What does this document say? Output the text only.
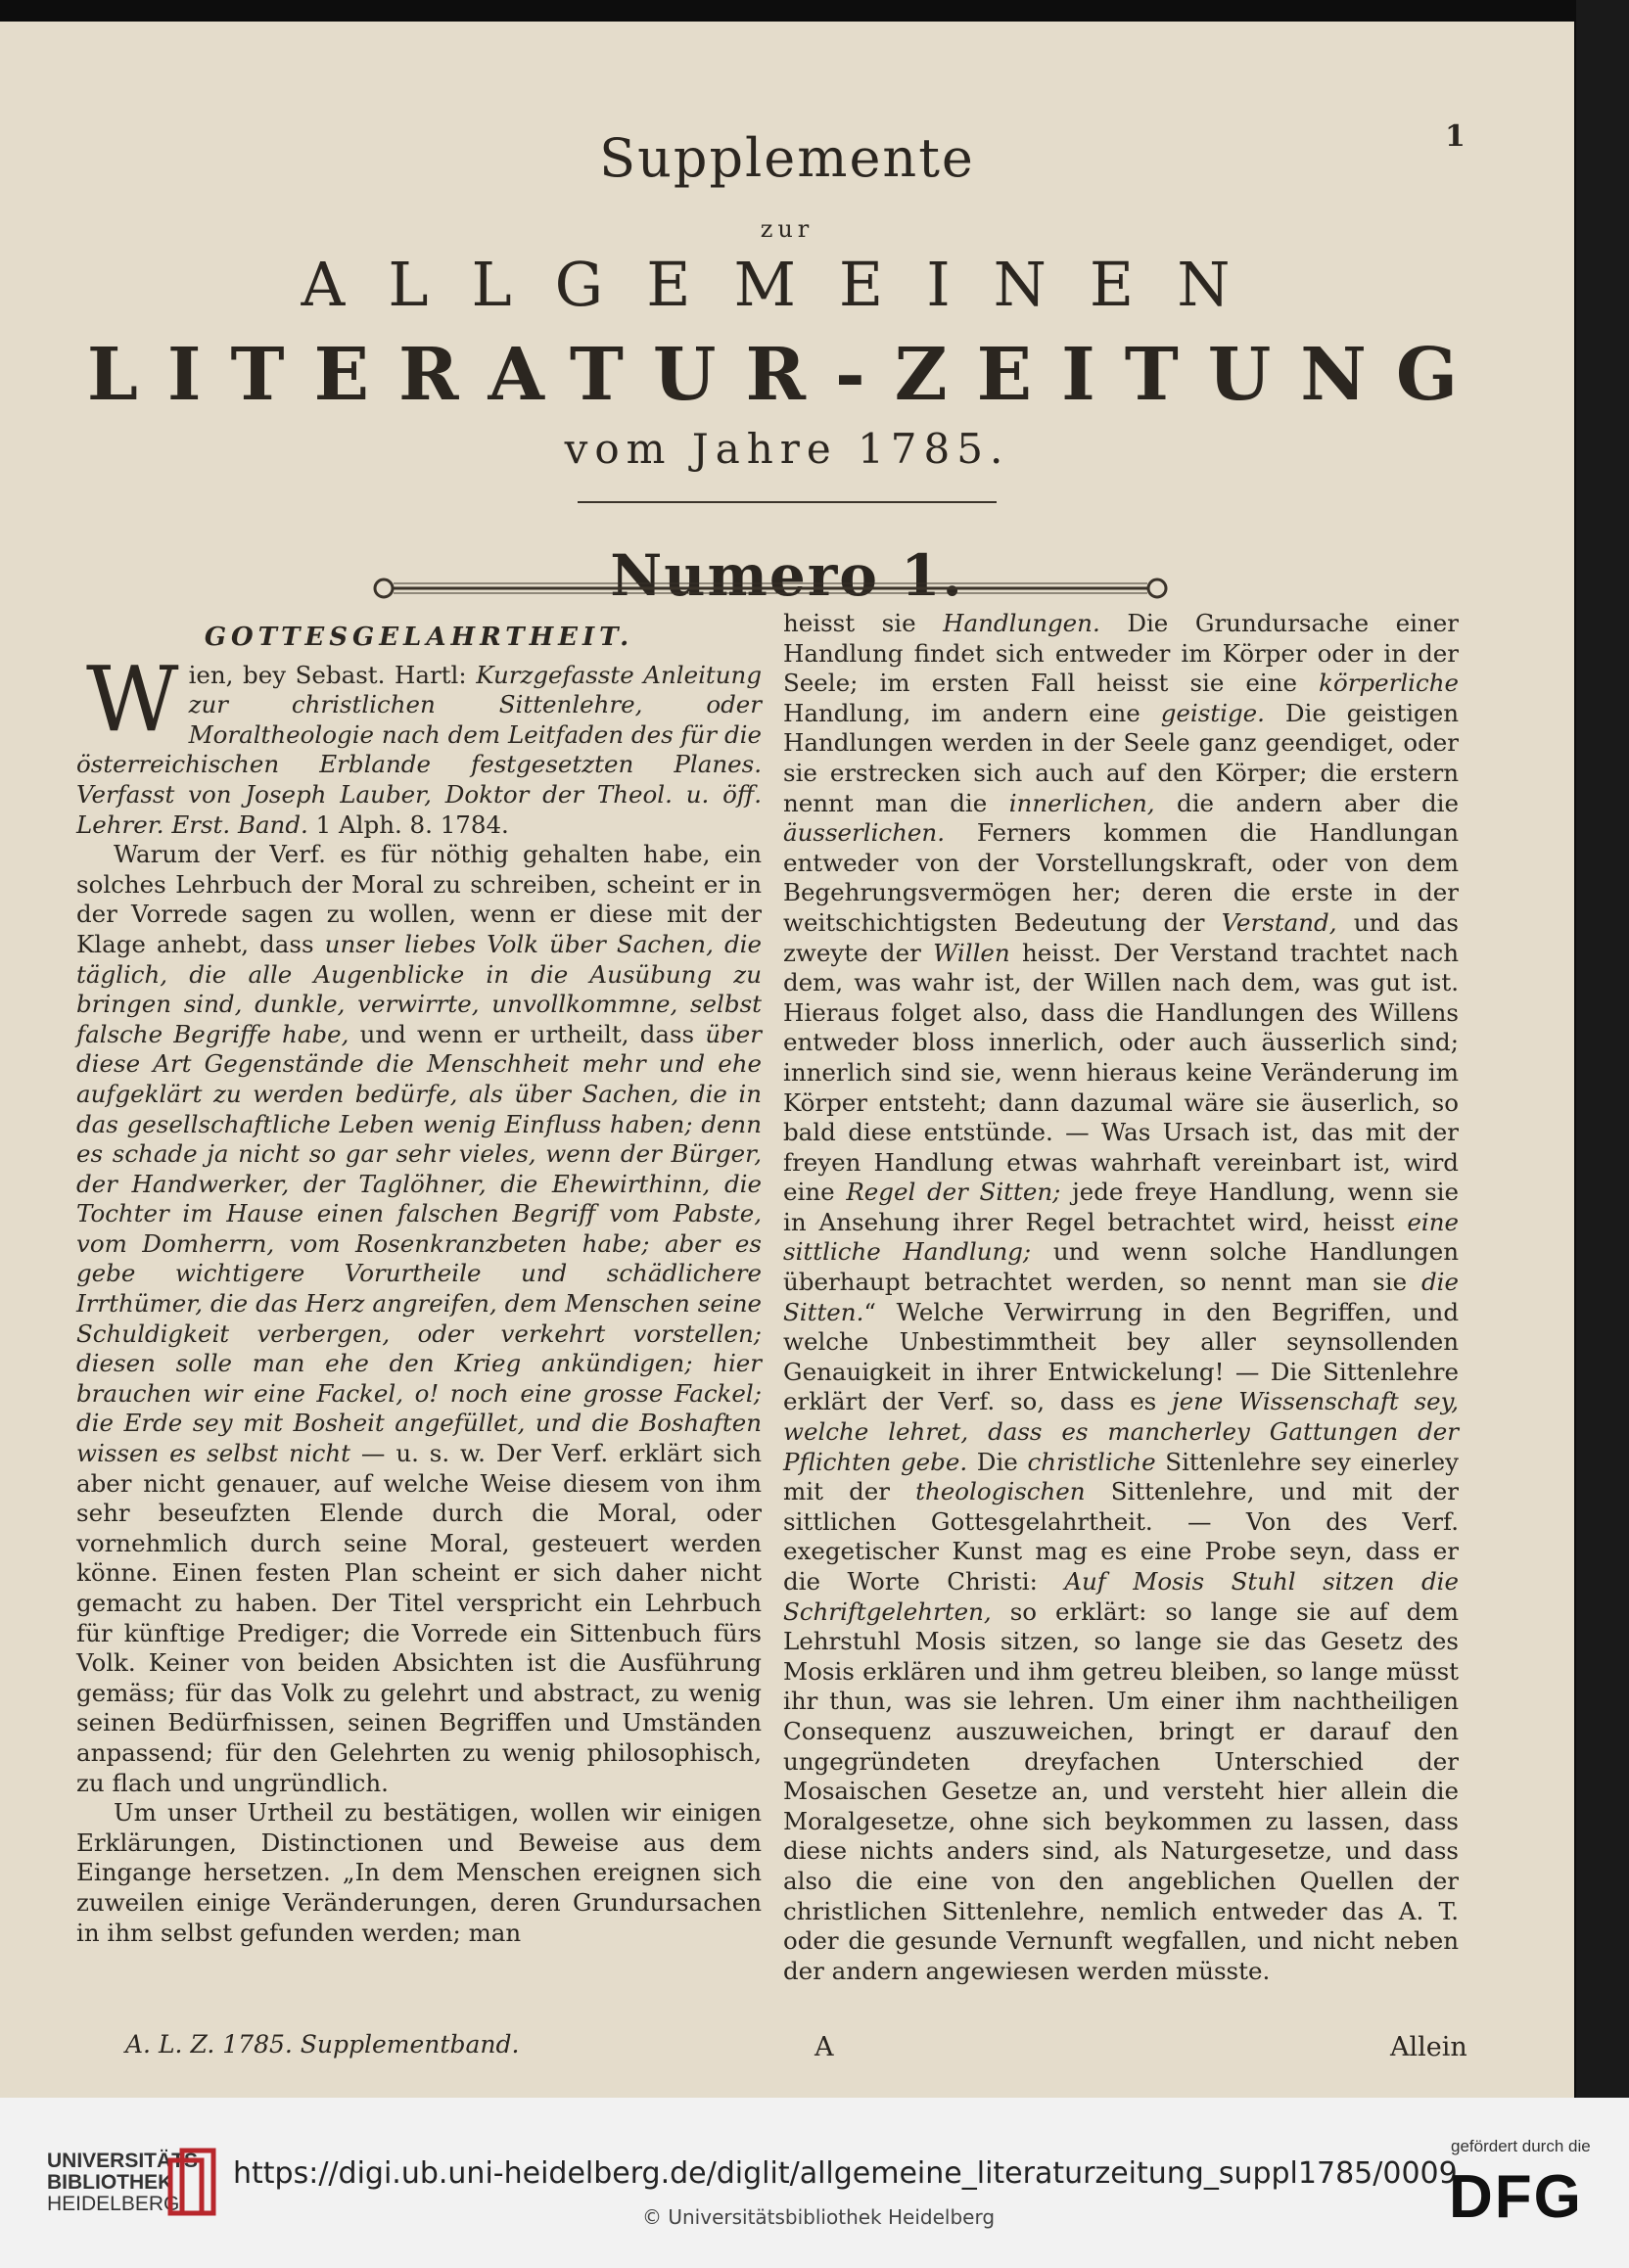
1
Supplemente
zur
ALLGEMEINEN
LITERATUR-ZEITUNG
vom Jahre 1785.
Numero 1.
GOTTESGELAHRTHEIT.

Wien, bey Sebast. Hartl: Kurzgefasste Anleitung zur christlichen Sittenlehre, oder Moraltheologie nach dem Leitfaden des für die österreichischen Erblande festgesetzten Planes. Verfasst von Joseph Lauber, Doktor der Theol. u. öff. Lehrer. Erst. Band. 1 Alph. 8. 1784.

Warum der Verf. es für nöthig gehalten habe, ein solches Lehrbuch der Moral zu schreiben, scheint er in der Vorrede sagen zu wollen, wenn er diese mit der Klage anhebt, dass unser liebes Volk über Sachen, die täglich, die alle Augenblicke in die Ausübung zu bringen sind, dunkle, verwirrte, unvollkommne, selbst falsche Begriffe habe, und wenn er urtheilt, dass über diese Art Gegenstände die Menschheit mehr und ehe aufgeklärt zu werden bedürfe, als über Sachen, die in das gesellschaftliche Leben wenig Einfluss haben; denn es schade ja nicht so gar sehr vieles, wenn der Bürger, der Handwerker, der Taglöhner, die Ehewirthinn, die Tochter im Hause einen falschen Begriff vom Pabste, vom Domherrn, vom Rosenkranzbeten habe; aber es gebe wichtigere Vorurtheile und schädlichere Irrthümer, die das Herz angreifen, dem Menschen seine Schuldigkeit verbergen, oder verkehrt vorstellen; diesen solle man ehe den Krieg ankündigen; hier brauchen wir eine Fackel, o! noch eine grosse Fackel; die Erde sey mit Bosheit angefüllet, und die Boshaften wissen es selbst nicht — u. s. w. Der Verf. erklärt sich aber nicht genauer, auf welche Weise diesem von ihm sehr beseufzten Elende durch die Moral, oder vornehmlich durch seine Moral, gesteuert werden könne. Einen festen Plan scheint er sich daher nicht gemacht zu haben. Der Titel verspricht ein Lehrbuch für künftige Prediger; die Vorrede ein Sittenbuch fürs Volk. Keiner von beiden Absichten ist die Ausführung gemäss; für das Volk zu gelehrt und abstract, zu wenig seinen Bedürfnissen, seinen Begriffen und Umständen anpassend; für den Gelehrten zu wenig philosophisch, zu flach und ungründlich.

Um unser Urtheil zu bestätigen, wollen wir einigen Erklärungen, Distinctionen und Beweise aus dem Eingange hersetzen. „In dem Menschen ereignen sich zuweilen einige Veränderungen, deren Grundursachen in ihm selbst gefunden werden; man

heisst sie Handlungen. Die Grundursache einer Handlung findet sich entweder im Körper oder in der Seele; im ersten Fall heisst sie eine körperliche Handlung, im andern eine geistige. Die geistigen Handlungen werden in der Seele ganz geendiget, oder sie erstrecken sich auch auf den Körper; die erstern nennt man die innerlichen, die andern aber die äusserlichen. Ferners kommen die Handlungan entweder von der Vorstellungskraft, oder von dem Begehrungsvermögen her; deren die erste in der weitschichtigsten Bedeutung der Verstand, und das zweyte der Willen heisst. Der Verstand trachtet nach dem, was wahr ist, der Willen nach dem, was gut ist. Hieraus folget also, dass die Handlungen des Willens entweder bloss innerlich, oder auch äusserlich sind; innerlich sind sie, wenn hieraus keine Veränderung im Körper entsteht; dann dazumal wäre sie äuserlich, so bald diese entstünde. — Was Ursach ist, das mit der freyen Handlung etwas wahrhaft vereinbart ist, wird eine Regel der Sitten; jede freye Handlung, wenn sie in Ansehung ihrer Regel betrachtet wird, heisst eine sittliche Handlung; und wenn solche Handlungen überhaupt betrachtet werden, so nennt man sie die Sitten.“ Welche Verwirrung in den Begriffen, und welche Unbestimmtheit bey aller seynsollenden Genauigkeit in ihrer Entwickelung! — Die Sittenlehre erklärt der Verf. so, dass es jene Wissenschaft sey, welche lehret, dass es mancherley Gattungen der Pflichten gebe. Die christliche Sittenlehre sey einerley mit der theologischen Sittenlehre, und mit der sittlichen Gottesgelahrtheit. — Von des Verf. exegetischer Kunst mag es eine Probe seyn, dass er die Worte Christi: Auf Mosis Stuhl sitzen die Schriftgelehrten, so erklärt: so lange sie auf dem Lehrstuhl Mosis sitzen, so lange sie das Gesetz des Mosis erklären und ihm getreu bleiben, so lange müsst ihr thun, was sie lehren. Um einer ihm nachtheiligen Consequenz auszuweichen, bringt er darauf den ungegründeten dreyfachen Unterschied der Mosaischen Gesetze an, und versteht hier allein die Moralgesetze, ohne sich beykommen zu lassen, dass diese nichts anders sind, als Naturgesetze, und dass also die eine von den angeblichen Quellen der christlichen Sittenlehre, nemlich entweder das A. T. oder die gesunde Vernunft wegfallen, und nicht neben der andern angewiesen werden müsste.

A. L. Z. 1785. Supplementband.	A	Allein
UNIVERSITÄTS-
BIBLIOTHEK
HEIDELBERG
https://digi.ub.uni-heidelberg.de/diglit/allgemeine_literaturzeitung_suppl1785/0009
© Universitätsbibliothek Heidelberg
gefördert durch die
DFG
